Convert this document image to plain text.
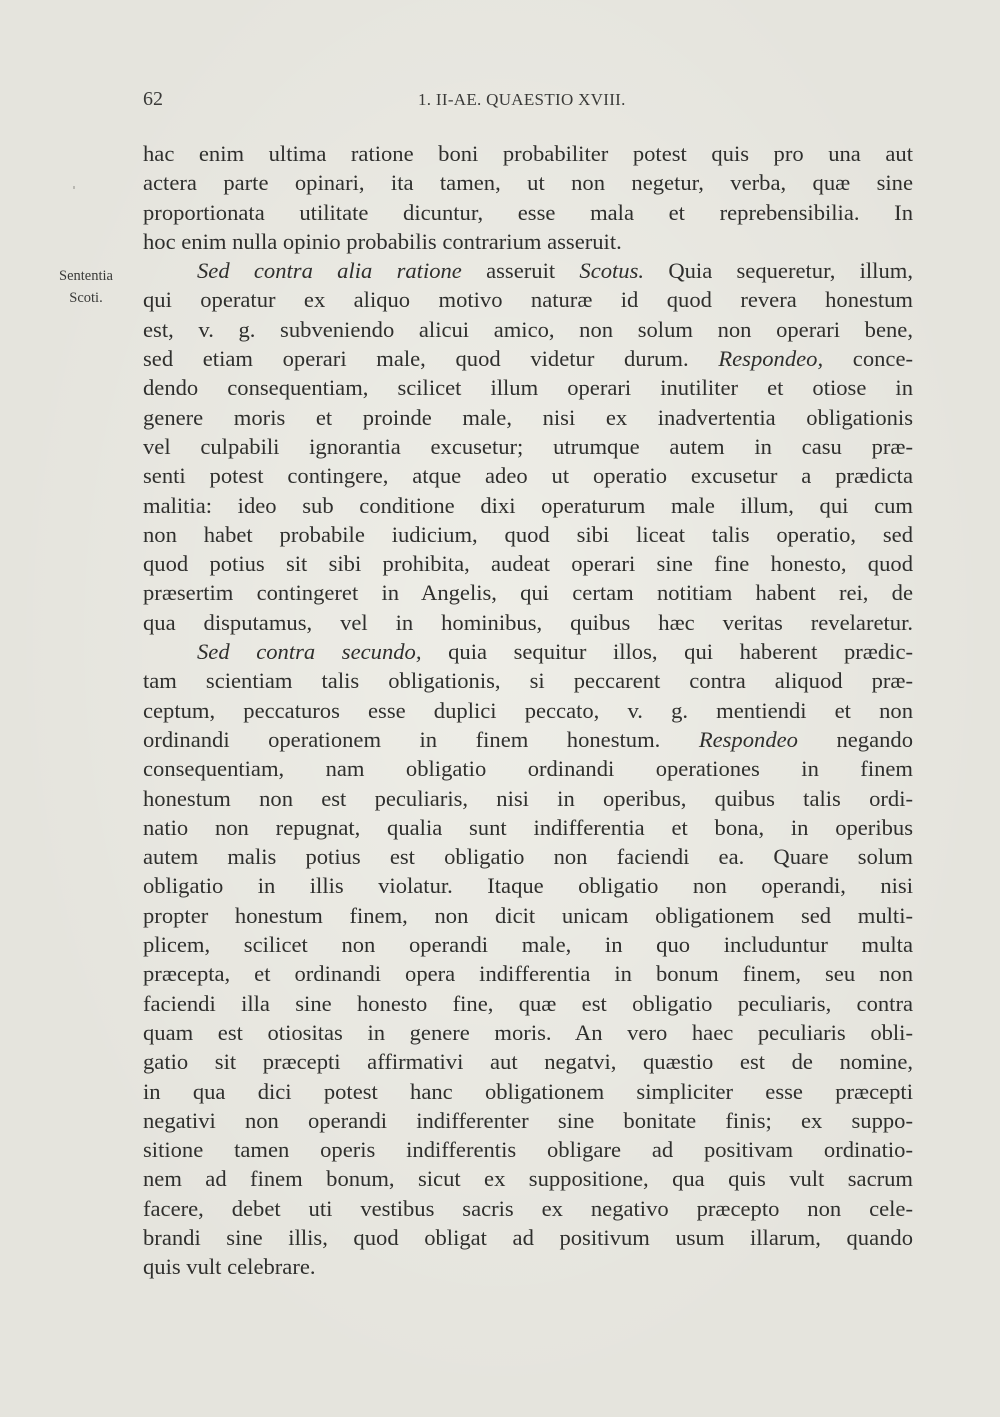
62	1. II-AE. QUAESTIO XVIII.
Sententia
Scoti.
hac enim ultima ratione boni probabiliter potest quis pro una aut
actera parte opinari, ita tamen, ut non negetur, verba, quæ sine
proportionata utilitate dicuntur, esse mala et reprebensibilia. In
hoc enim nulla opinio probabilis contrarium asseruit.
Sed contra alia ratione asseruit Scotus. Quia sequeretur, illum,
qui operatur ex aliquo motivo naturæ id quod revera honestum
est, v. g. subveniendo alicui amico, non solum non operari bene,
sed etiam operari male, quod videtur durum. Respondeo, conce-
dendo consequentiam, scilicet illum operari inutiliter et otiose in
genere moris et proinde male, nisi ex inadvertentia obligationis
vel culpabili ignorantia excusetur; utrumque autem in casu præ-
senti potest contingere, atque adeo ut operatio excusetur a prædicta
malitia: ideo sub conditione dixi operaturum male illum, qui cum
non habet probabile iudicium, quod sibi liceat talis operatio, sed
quod potius sit sibi prohibita, audeat operari sine fine honesto, quod
præsertim contingeret in Angelis, qui certam notitiam habent rei, de
qua disputamus, vel in hominibus, quibus hæc veritas revelaretur.
Sed contra secundo, quia sequitur illos, qui haberent prædic-
tam scientiam talis obligationis, si peccarent contra aliquod præ-
ceptum, peccaturos esse duplici peccato, v. g. mentiendi et non
ordinandi operationem in finem honestum. Respondeo negando
consequentiam, nam obligatio ordinandi operationes in finem
honestum non est peculiaris, nisi in operibus, quibus talis ordi-
natio non repugnat, qualia sunt indifferentia et bona, in operibus
autem malis potius est obligatio non faciendi ea. Quare solum
obligatio in illis violatur. Itaque obligatio non operandi, nisi
propter honestum finem, non dicit unicam obligationem sed multi-
plicem, scilicet non operandi male, in quo includuntur multa
præcepta, et ordinandi opera indifferentia in bonum finem, seu non
faciendi illa sine honesto fine, quæ est obligatio peculiaris, contra
quam est otiositas in genere moris. An vero haec peculiaris obli-
gatio sit præcepti affirmativi aut negatvi, quæstio est de nomine,
in qua dici potest hanc obligationem simpliciter esse præcepti
negativi non operandi indifferenter sine bonitate finis; ex suppo-
sitione tamen operis indifferentis obligare ad positivam ordinatio-
nem ad finem bonum, sicut ex suppositione, qua quis vult sacrum
facere, debet uti vestibus sacris ex negativo præcepto non cele-
brandi sine illis, quod obligat ad positivum usum illarum, quando
quis vult celebrare.
